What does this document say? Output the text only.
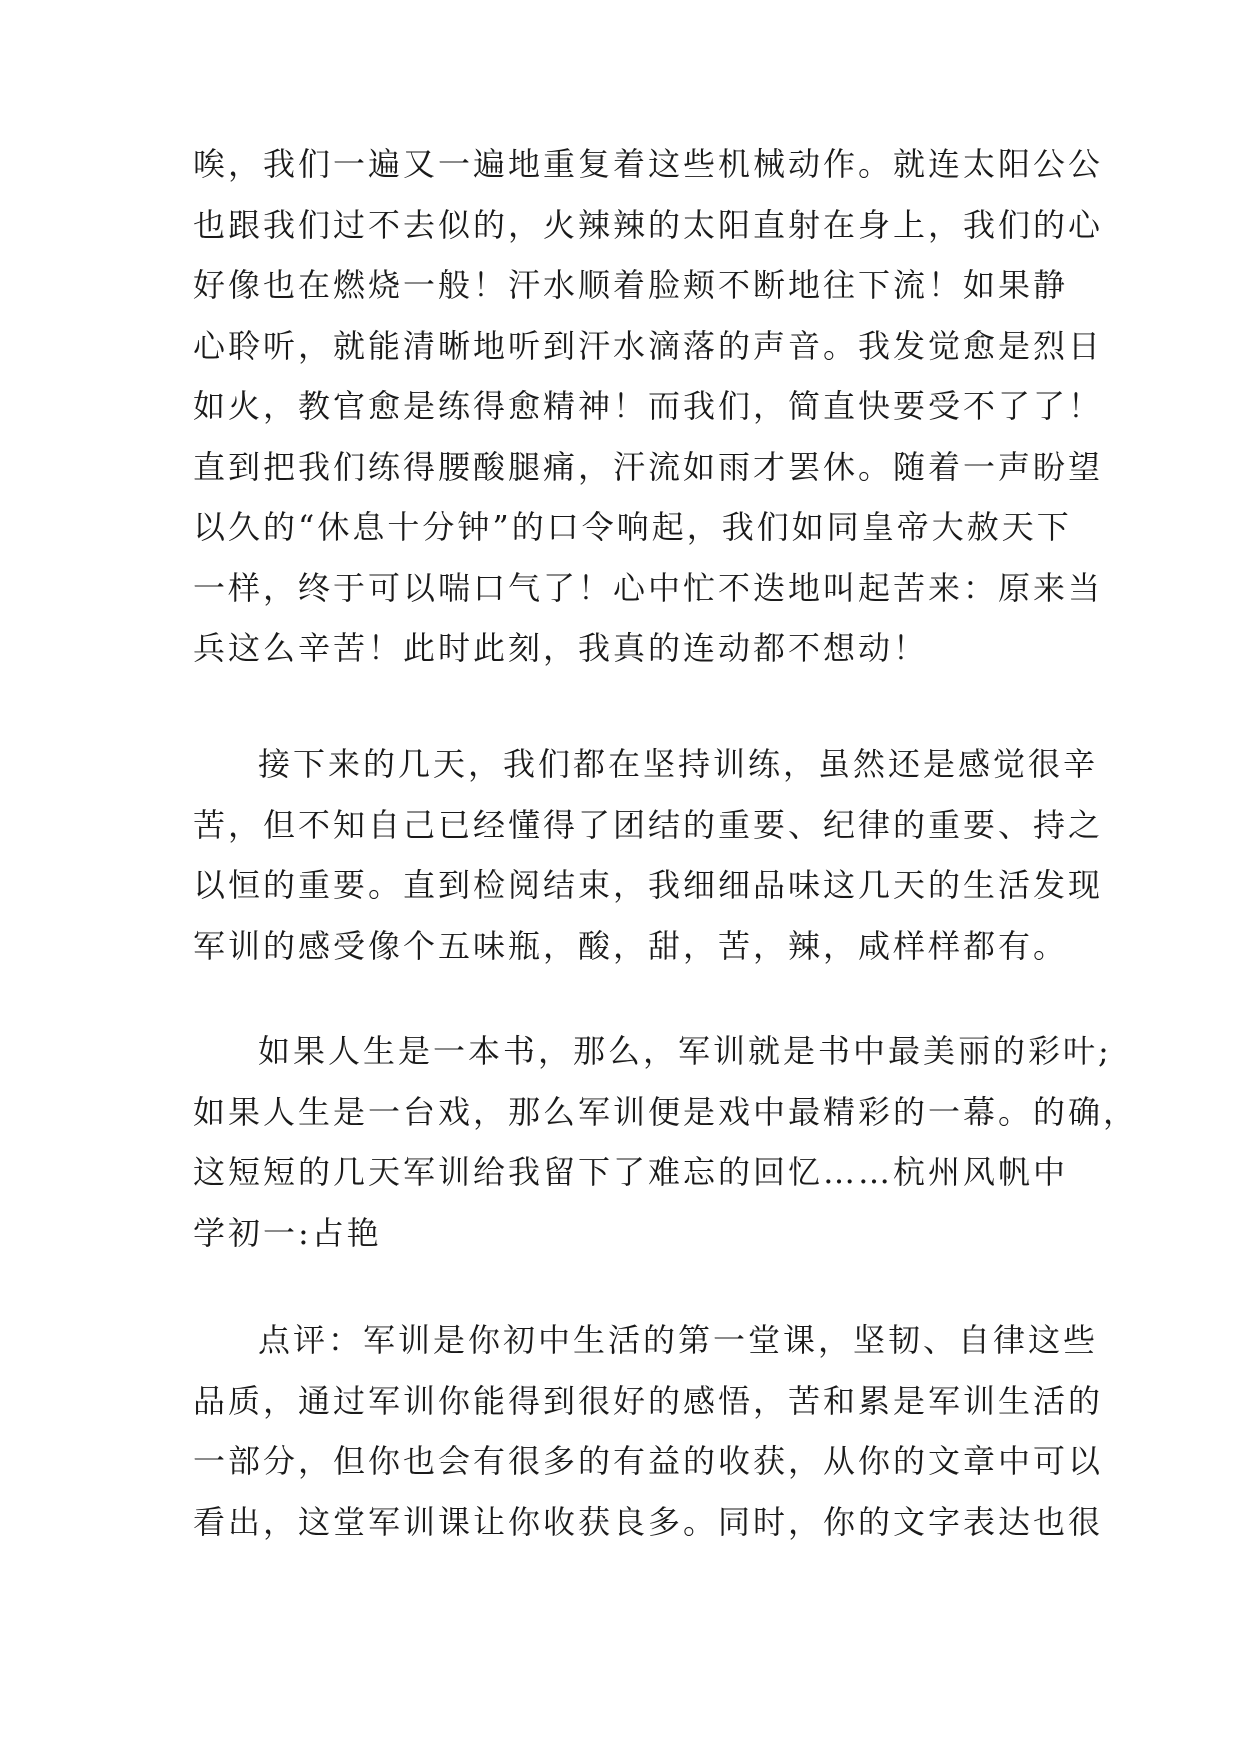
唉，我们一遍又一遍地重复着这些机械动作。就连太阳公公
也跟我们过不去似的，火辣辣的太阳直射在身上，我们的心
好像也在燃烧一般！汗水顺着脸颊不断地往下流！如果静
心聆听，就能清晰地听到汗水滴落的声音。我发觉愈是烈日
如火，教官愈是练得愈精神！而我们，简直快要受不了了！
直到把我们练得腰酸腿痛，汗流如雨才罢休。随着一声盼望
以久的“休息十分钟”的口令响起，我们如同皇帝大赦天下
一样，终于可以喘口气了！心中忙不迭地叫起苦来：原来当
兵这么辛苦！此时此刻，我真的连动都不想动！
接下来的几天，我们都在坚持训练，虽然还是感觉很辛
苦，但不知自己已经懂得了团结的重要、纪律的重要、持之
以恒的重要。直到检阅结束，我细细品味这几天的生活发现
军训的感受像个五味瓶，酸，甜，苦，辣，咸样样都有。
如果人生是一本书，那么，军训就是书中最美丽的彩叶;
如果人生是一台戏，那么军训便是戏中最精彩的一幕。的确，
这短短的几天军训给我留下了难忘的回忆……杭州风帆中
学初一:占艳
点评：军训是你初中生活的第一堂课，坚韧、自律这些
品质，通过军训你能得到很好的感悟，苦和累是军训生活的
一部分，但你也会有很多的有益的收获，从你的文章中可以
看出，这堂军训课让你收获良多。同时，你的文字表达也很
